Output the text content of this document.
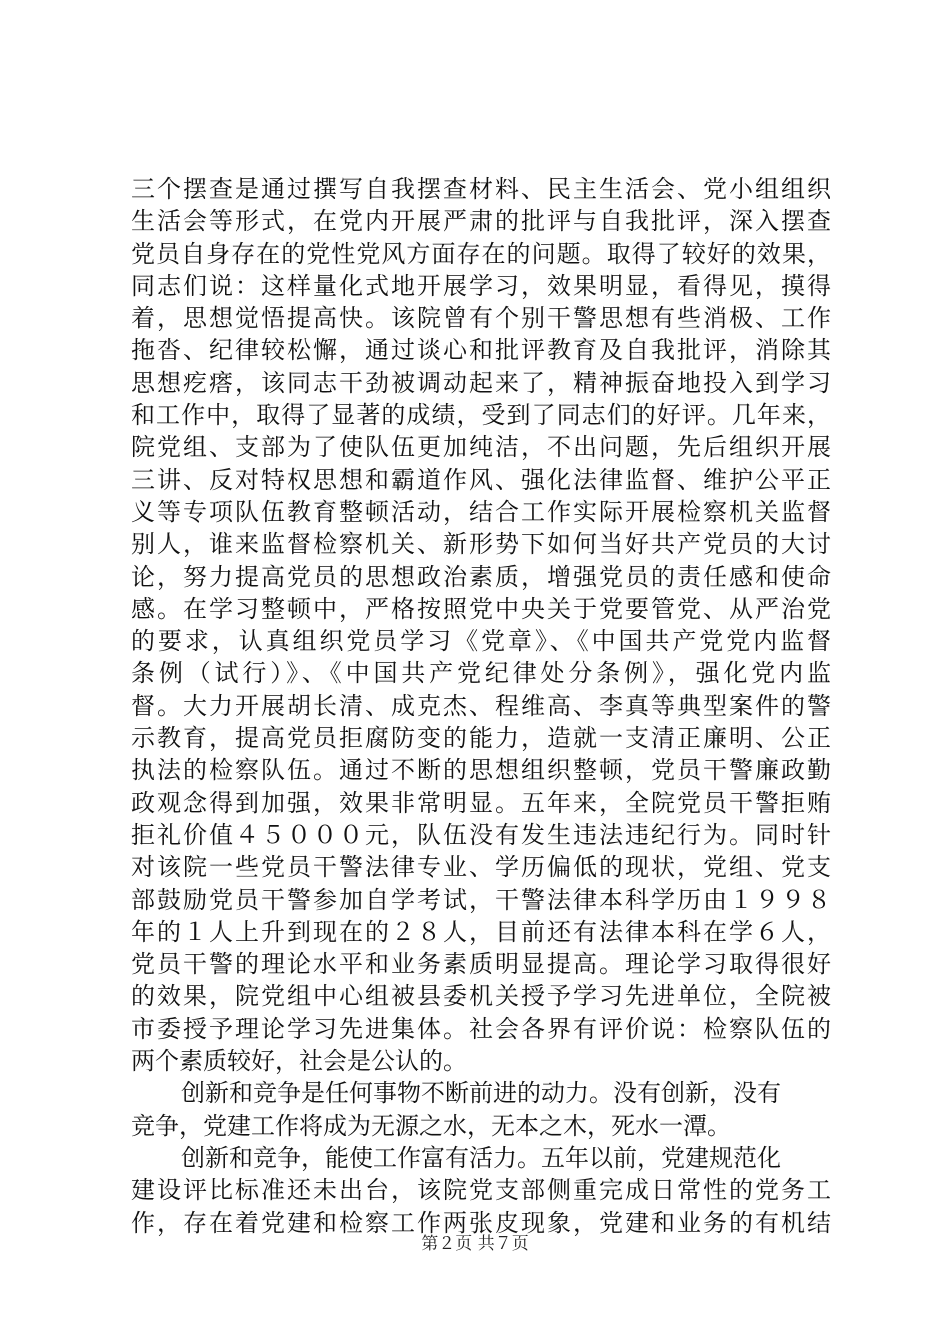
三个摆查是通过撰写自我摆查材料、民主生活会、党小组组织
生活会等形式，在党内开展严肃的批评与自我批评，深入摆查
党员自身存在的党性党风方面存在的问题。取得了较好的效果，
同志们说：这样量化式地开展学习，效果明显，看得见，摸得
着，思想觉悟提高快。该院曾有个别干警思想有些消极、工作
拖沓、纪律较松懈，通过谈心和批评教育及自我批评，消除其
思想疙瘩，该同志干劲被调动起来了，精神振奋地投入到学习
和工作中，取得了显著的成绩，受到了同志们的好评。几年来，
院党组、支部为了使队伍更加纯洁，不出问题，先后组织开展
三讲、反对特权思想和霸道作风、强化法律监督、维护公平正
义等专项队伍教育整顿活动，结合工作实际开展检察机关监督
别人，谁来监督检察机关、新形势下如何当好共产党员的大讨
论，努力提高党员的思想政治素质，增强党员的责任感和使命
感。在学习整顿中，严格按照党中央关于党要管党、从严治党
的要求，认真组织党员学习《党章》、《中国共产党党内监督
条例（试行）》、《中国共产党纪律处分条例》，强化党内监
督。大力开展胡长清、成克杰、程维高、李真等典型案件的警
示教育，提高党员拒腐防变的能力，造就一支清正廉明、公正
执法的检察队伍。通过不断的思想组织整顿，党员干警廉政勤
政观念得到加强，效果非常明显。五年来，全院党员干警拒贿
拒礼价值４５０００元，队伍没有发生违法违纪行为。同时针
对该院一些党员干警法律专业、学历偏低的现状，党组、党支
部鼓励党员干警参加自学考试，干警法律本科学历由１９９８
年的１人上升到现在的２８人，目前还有法律本科在学６人，
党员干警的理论水平和业务素质明显提高。理论学习取得很好
的效果，院党组中心组被县委机关授予学习先进单位，全院被
市委授予理论学习先进集体。社会各界有评价说：检察队伍的
两个素质较好，社会是公认的。
创新和竞争是任何事物不断前进的动力。没有创新，没有
竞争，党建工作将成为无源之水，无本之木，死水一潭。
创新和竞争，能使工作富有活力。五年以前，党建规范化
建设评比标准还未出台，该院党支部侧重完成日常性的党务工
作，存在着党建和检察工作两张皮现象，党建和业务的有机结
第２页 共７页
